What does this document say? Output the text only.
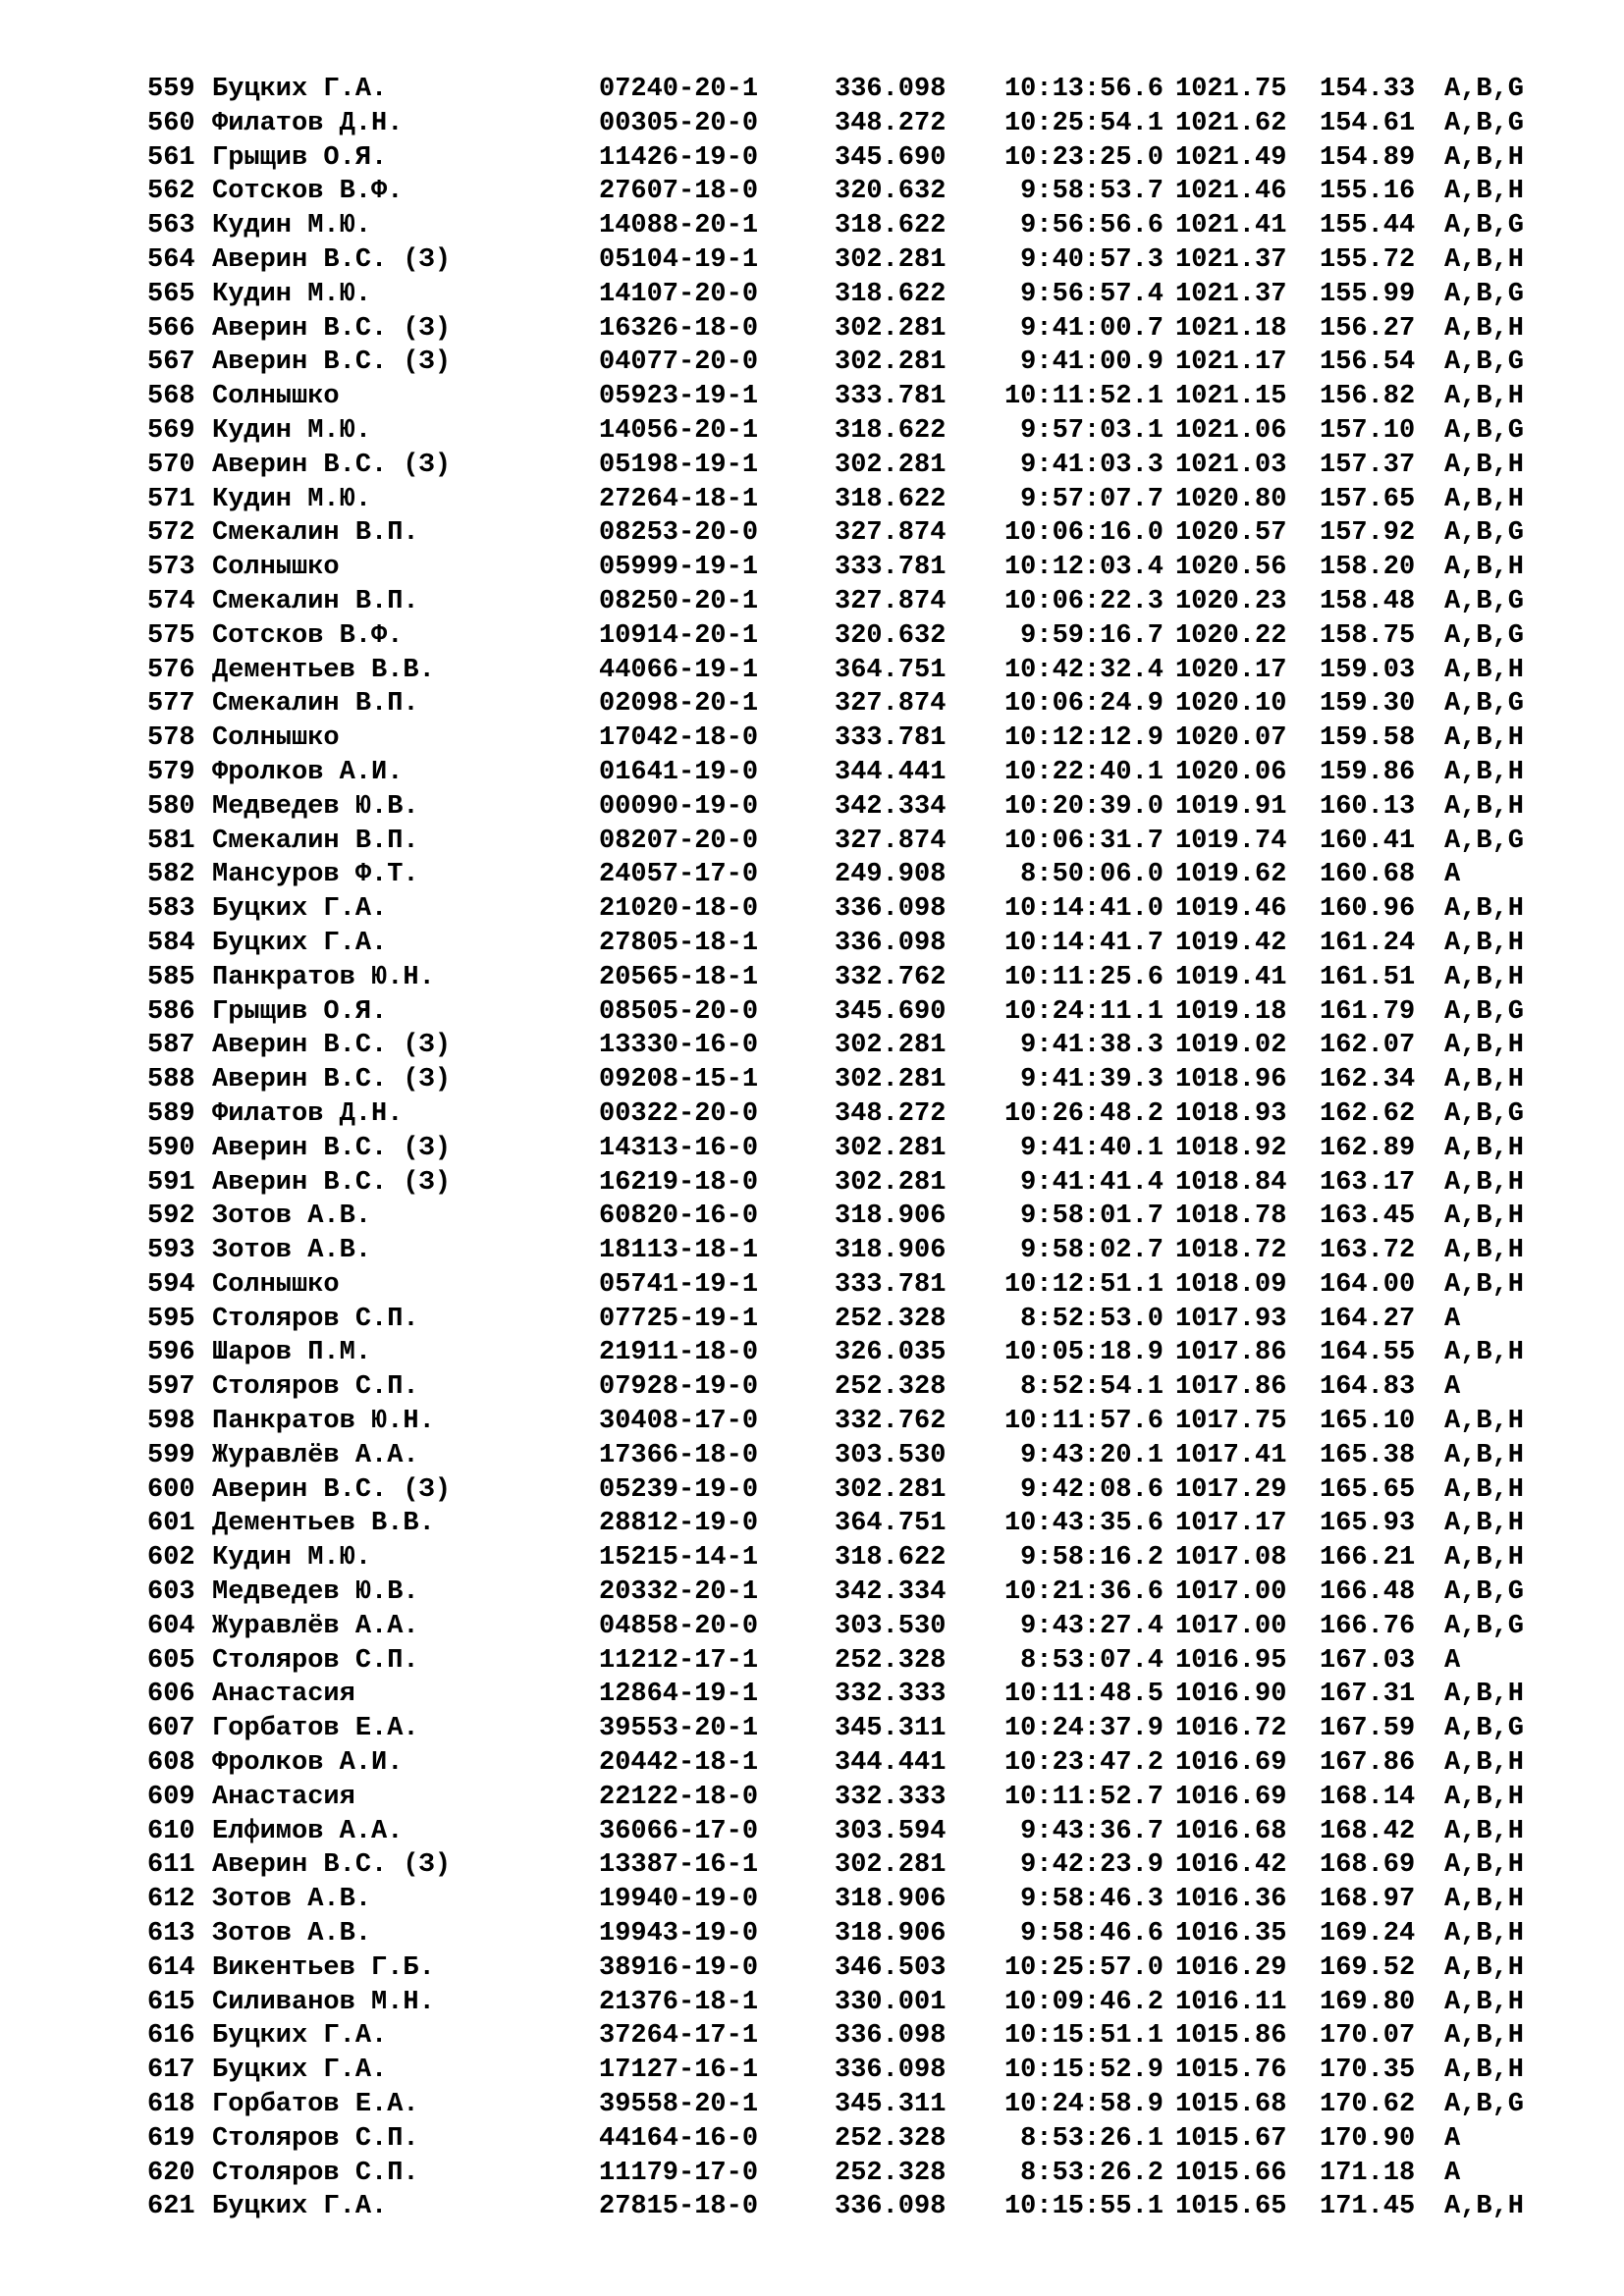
559 Буцких Г.А.	07240-20-1	336.098	10:13:56.6 1021.75 154.33 A,B,G
560 Филатов Д.Н.	00305-20-0	348.272	10:25:54.1 1021.62 154.61 A,B,G
561 Грыщив О.Я.	11426-19-0	345.690	10:23:25.0 1021.49 154.89 A,B,H
562 Сотсков В.Ф.	27607-18-0	320.632	9:58:53.7 1021.46 155.16 A,B,H
563 Кудин М.Ю.	14088-20-1	318.622	9:56:56.6 1021.41 155.44 A,B,G
564 Аверин В.С. (З)	05104-19-1	302.281	9:40:57.3 1021.37 155.72 A,B,H
565 Кудин М.Ю.	14107-20-0	318.622	9:56:57.4 1021.37 155.99 A,B,G
566 Аверин В.С. (З)	16326-18-0	302.281	9:41:00.7 1021.18 156.27 A,B,H
567 Аверин В.С. (З)	04077-20-0	302.281	9:41:00.9 1021.17 156.54 A,B,G
568 Солнышко	05923-19-1	333.781	10:11:52.1 1021.15 156.82 A,B,H
569 Кудин М.Ю.	14056-20-1	318.622	9:57:03.1 1021.06 157.10 A,B,G
570 Аверин В.С. (З)	05198-19-1	302.281	9:41:03.3 1021.03 157.37 A,B,H
571 Кудин М.Ю.	27264-18-1	318.622	9:57:07.7 1020.80 157.65 A,B,H
572 Смекалин В.П.	08253-20-0	327.874	10:06:16.0 1020.57 157.92 A,B,G
573 Солнышко	05999-19-1	333.781	10:12:03.4 1020.56 158.20 A,B,H
574 Смекалин В.П.	08250-20-1	327.874	10:06:22.3 1020.23 158.48 A,B,G
575 Сотсков В.Ф.	10914-20-1	320.632	9:59:16.7 1020.22 158.75 A,B,G
576 Дементьев В.В.	44066-19-1	364.751	10:42:32.4 1020.17 159.03 A,B,H
577 Смекалин В.П.	02098-20-1	327.874	10:06:24.9 1020.10 159.30 A,B,G
578 Солнышко	17042-18-0	333.781	10:12:12.9 1020.07 159.58 A,B,H
579 Фролков А.И.	01641-19-0	344.441	10:22:40.1 1020.06 159.86 A,B,H
580 Медведев Ю.В.	00090-19-0	342.334	10:20:39.0 1019.91 160.13 A,B,H
581 Смекалин В.П.	08207-20-0	327.874	10:06:31.7 1019.74 160.41 A,B,G
582 Мансуров Ф.Т.	24057-17-0	249.908	8:50:06.0 1019.62 160.68 A
583 Буцких Г.А.	21020-18-0	336.098	10:14:41.0 1019.46 160.96 A,B,H
584 Буцких Г.А.	27805-18-1	336.098	10:14:41.7 1019.42 161.24 A,B,H
585 Панкратов Ю.Н.	20565-18-1	332.762	10:11:25.6 1019.41 161.51 A,B,H
586 Грыщив О.Я.	08505-20-0	345.690	10:24:11.1 1019.18 161.79 A,B,G
587 Аверин В.С. (З)	13330-16-0	302.281	9:41:38.3 1019.02 162.07 A,B,H
588 Аверин В.С. (З)	09208-15-1	302.281	9:41:39.3 1018.96 162.34 A,B,H
589 Филатов Д.Н.	00322-20-0	348.272	10:26:48.2 1018.93 162.62 A,B,G
590 Аверин В.С. (З)	14313-16-0	302.281	9:41:40.1 1018.92 162.89 A,B,H
591 Аверин В.С. (З)	16219-18-0	302.281	9:41:41.4 1018.84 163.17 A,B,H
592 Зотов А.В.	60820-16-0	318.906	9:58:01.7 1018.78 163.45 A,B,H
593 Зотов А.В.	18113-18-1	318.906	9:58:02.7 1018.72 163.72 A,B,H
594 Солнышко	05741-19-1	333.781	10:12:51.1 1018.09 164.00 A,B,H
595 Столяров С.П.	07725-19-1	252.328	8:52:53.0 1017.93 164.27 A
596 Шаров П.М.	21911-18-0	326.035	10:05:18.9 1017.86 164.55 A,B,H
597 Столяров С.П.	07928-19-0	252.328	8:52:54.1 1017.86 164.83 A
598 Панкратов Ю.Н.	30408-17-0	332.762	10:11:57.6 1017.75 165.10 A,B,H
599 Журавлёв А.А.	17366-18-0	303.530	9:43:20.1 1017.41 165.38 A,B,H
600 Аверин В.С. (З)	05239-19-0	302.281	9:42:08.6 1017.29 165.65 A,B,H
601 Дементьев В.В.	28812-19-0	364.751	10:43:35.6 1017.17 165.93 A,B,H
602 Кудин М.Ю.	15215-14-1	318.622	9:58:16.2 1017.08 166.21 A,B,H
603 Медведев Ю.В.	20332-20-1	342.334	10:21:36.6 1017.00 166.48 A,B,G
604 Журавлёв А.А.	04858-20-0	303.530	9:43:27.4 1017.00 166.76 A,B,G
605 Столяров С.П.	11212-17-1	252.328	8:53:07.4 1016.95 167.03 A
606 Анастасия	12864-19-1	332.333	10:11:48.5 1016.90 167.31 A,B,H
607 Горбатов Е.А.	39553-20-1	345.311	10:24:37.9 1016.72 167.59 A,B,G
608 Фролков А.И.	20442-18-1	344.441	10:23:47.2 1016.69 167.86 A,B,H
609 Анастасия	22122-18-0	332.333	10:11:52.7 1016.69 168.14 A,B,H
610 Елфимов А.А.	36066-17-0	303.594	9:43:36.7 1016.68 168.42 A,B,H
611 Аверин В.С. (З)	13387-16-1	302.281	9:42:23.9 1016.42 168.69 A,B,H
612 Зотов А.В.	19940-19-0	318.906	9:58:46.3 1016.36 168.97 A,B,H
613 Зотов А.В.	19943-19-0	318.906	9:58:46.6 1016.35 169.24 A,B,H
614 Викентьев Г.Б.	38916-19-0	346.503	10:25:57.0 1016.29 169.52 A,B,H
615 Силиванов М.Н.	21376-18-1	330.001	10:09:46.2 1016.11 169.80 A,B,H
616 Буцких Г.А.	37264-17-1	336.098	10:15:51.1 1015.86 170.07 A,B,H
617 Буцких Г.А.	17127-16-1	336.098	10:15:52.9 1015.76 170.35 A,B,H
618 Горбатов Е.А.	39558-20-1	345.311	10:24:58.9 1015.68 170.62 A,B,G
619 Столяров С.П.	44164-16-0	252.328	8:53:26.1 1015.67 170.90 A
620 Столяров С.П.	11179-17-0	252.328	8:53:26.2 1015.66 171.18 A
621 Буцких Г.А.	27815-18-0	336.098	10:15:55.1 1015.65 171.45 A,B,H
